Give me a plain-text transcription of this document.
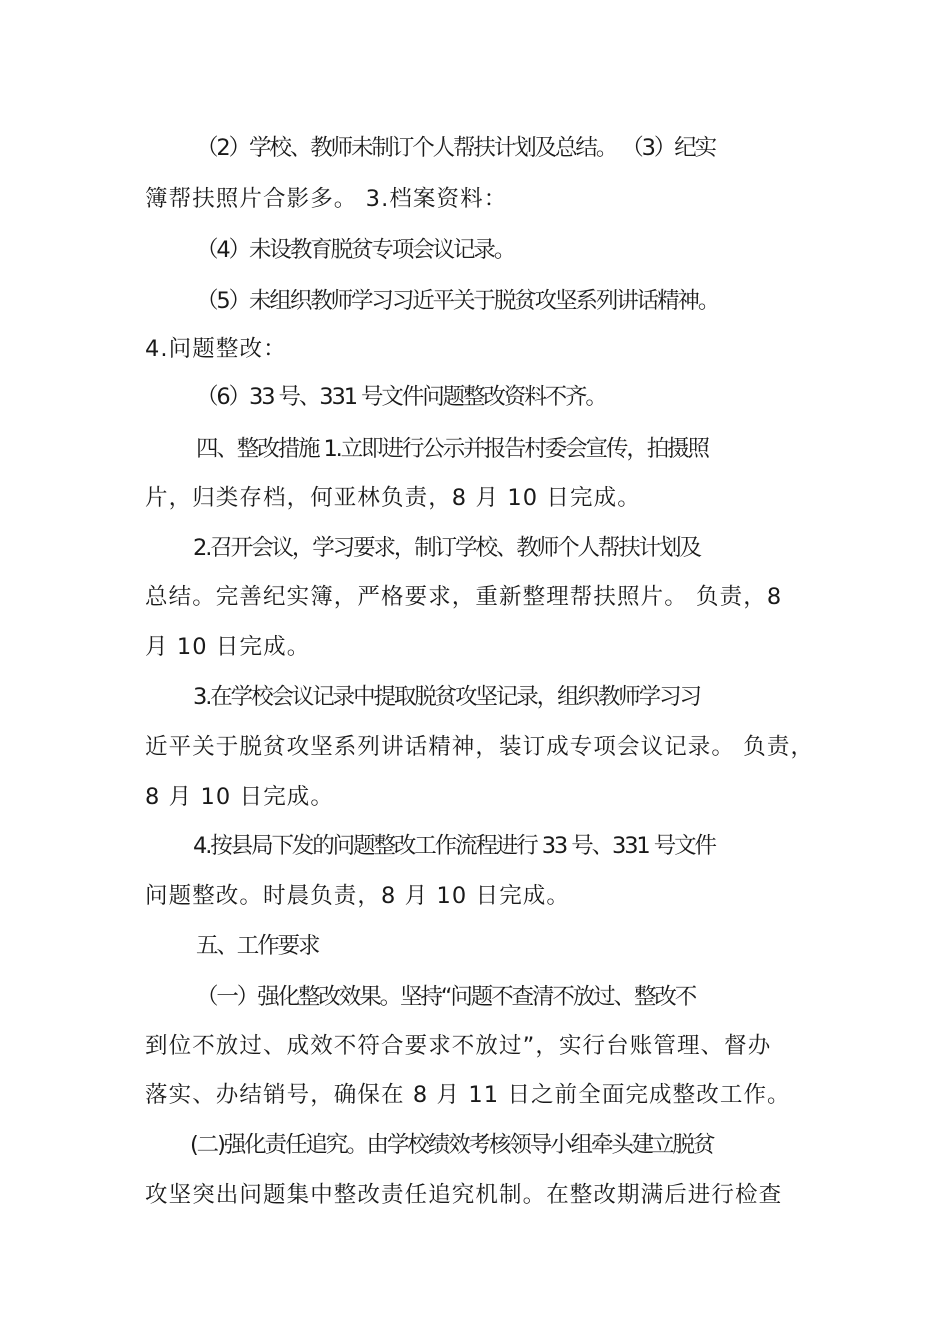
（2）学校、教师未制订个人帮扶计划及总结。 （3）纪实
簿帮扶照片合影多。 3.档案资料：
（4）未设教育脱贫专项会议记录。
（5）未组织教师学习习近平关于脱贫攻坚系列讲话精神。
4.问题整改：
（6）33 号、331 号文件问题整改资料不齐。
四、整改措施 1.立即进行公示并报告村委会宣传，拍摄照
片，归类存档，何亚林负责，8 月 10 日完成。
2.召开会议，学习要求，制订学校、教师个人帮扶计划及
总结。完善纪实簿，严格要求，重新整理帮扶照片。 负责，8
月 10 日完成。
3.在学校会议记录中提取脱贫攻坚记录，组织教师学习习
近平关于脱贫攻坚系列讲话精神，装订成专项会议记录。 负责，
8 月 10 日完成。
4.按县局下发的问题整改工作流程进行 33 号、331 号文件
问题整改。时晨负责，8 月 10 日完成。
五、工作要求
（一）强化整改效果。坚持“问题不查清不放过、整改不
到位不放过、成效不符合要求不放过”，实行台账管理、督办
落实、办结销号，确保在 8 月 11 日之前全面完成整改工作。
(二)强化责任追究。由学校绩效考核领导小组牵头建立脱贫
攻坚突出问题集中整改责任追究机制。在整改期满后进行检查
